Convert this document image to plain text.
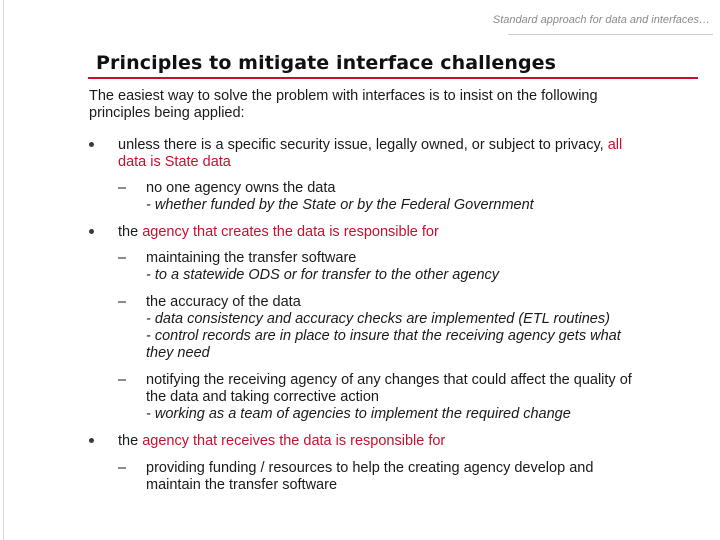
Standard approach for data and interfaces…
Principles to mitigate interface challenges

The easiest way to solve the problem with interfaces is to insist on the following
principles being applied:

unless there is a specific security issue, legally owned, or subject to privacy, all
data is State data
– no one agency owns the data
- whether funded by the State or by the Federal Government
the agency that creates the data is responsible for
– maintaining the transfer software
- to a statewide ODS or for transfer to the other agency
– the accuracy of the data
- data consistency and accuracy checks are implemented (ETL routines)
- control records are in place to insure that the receiving agency gets what
they need
– notifying the receiving agency of any changes that could affect the quality of
the data and taking corrective action
- working as a team of agencies to implement the required change
the agency that receives the data is responsible for
– providing funding / resources to help the creating agency develop and
maintain the transfer software
